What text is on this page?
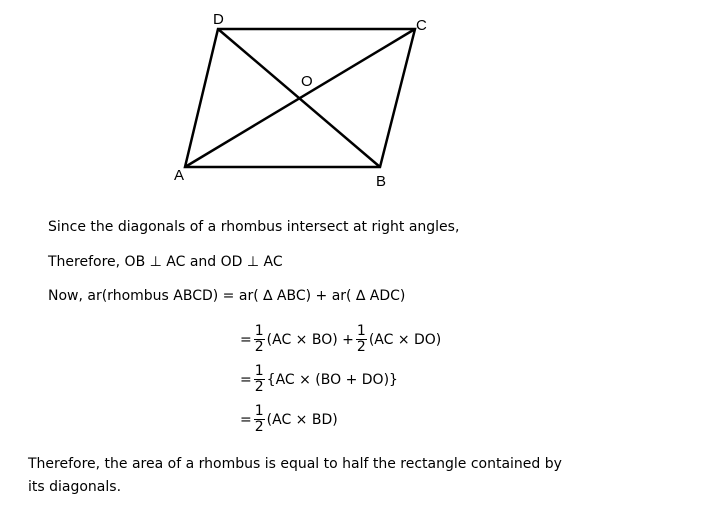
D	C
A	B
O
Since the diagonals of a rhombus intersect at right angles,
Therefore, OB ⊥ AC and OD ⊥ AC
Now, ar(rhombus ABCD) = ar( ∆ ABC) + ar( ∆ ADC)
= $\frac{1}{2} (AC \times BO) + \frac{1}{2} (AC \times DO)$
= $\frac{1}{2} \{AC \times (BO + DO)\}$
= $\frac{1}{2} (AC \times BD)$
Therefore, the area of a rhombus is equal to half the rectangle contained by
its diagonals.
